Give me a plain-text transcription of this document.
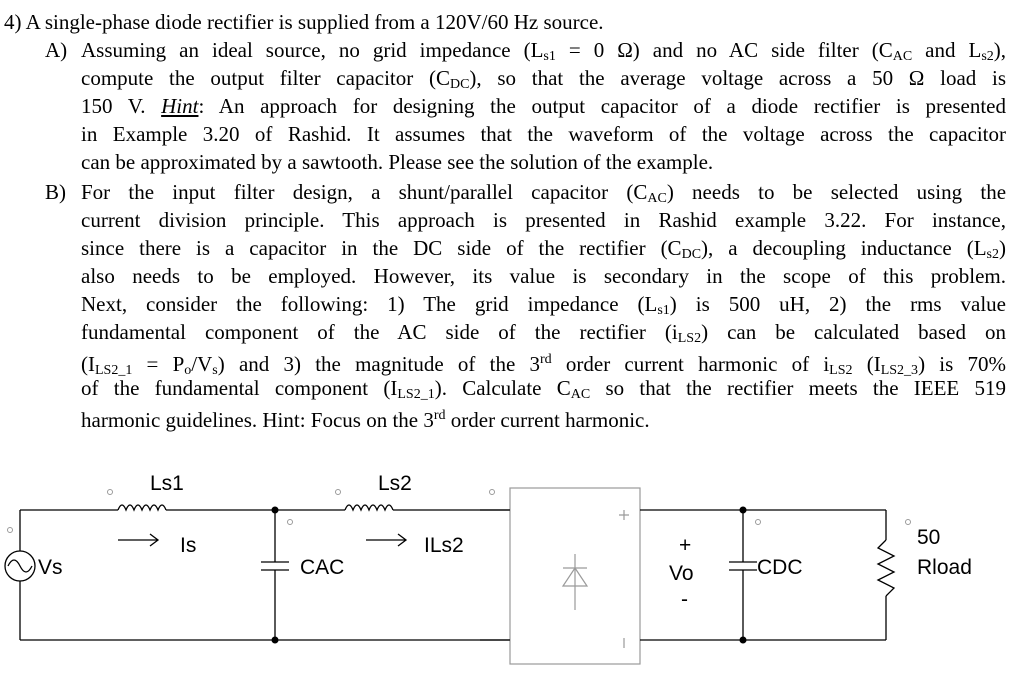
4) A single-phase diode rectifier is supplied from a 120V/60 Hz source.
A) Assuming an ideal source, no grid impedance ($L_{s1} = 0$ Ω) and no AC side filter ($C_{AC}$ and $L_{s2}$),
compute the output filter capacitor $(C_{DC})$, so that the average voltage across a 50 Ω load is
150 V. Hint: An approach for designing the output capacitor of a diode rectifier is presented
in Example 3.20 of Rashid. It assumes that the waveform of the voltage across the capacitor
can be approximated by a sawtooth. Please see the solution of the example.
B) For the input filter design, a shunt/parallel capacitor $(C_{AC})$ needs to be selected using the
current division principle. This approach is presented in Rashid example 3.22. For instance,
since there is a capacitor in the DC side of the rectifier $(C_{DC})$, a decoupling inductance $(L_{s2})$
also needs to be employed. However, its value is secondary in the scope of this problem.
Next, consider the following: 1) The grid impedance $(L_{s1})$ is 500 uH, 2) the rms value
fundamental component of the AC side of the rectifier $(i_{LS2})$ can be calculated based on
$(I_{LS2\_1} = P_o/V_s)$ and 3) the magnitude of the 3rd order current harmonic of $i_{LS2}$ $(I_{LS2\_3})$ is 70%
of the fundamental component $(I_{LS2\_1})$. Calculate $C_{AC}$ so that the rectifier meets the IEEE 519
harmonic guidelines. Hint: Focus on the 3rd order current harmonic.
Ls1	Ls2
Is	ILs2
Vs	CAC
+
Vo
-
CDC
50
Rload
